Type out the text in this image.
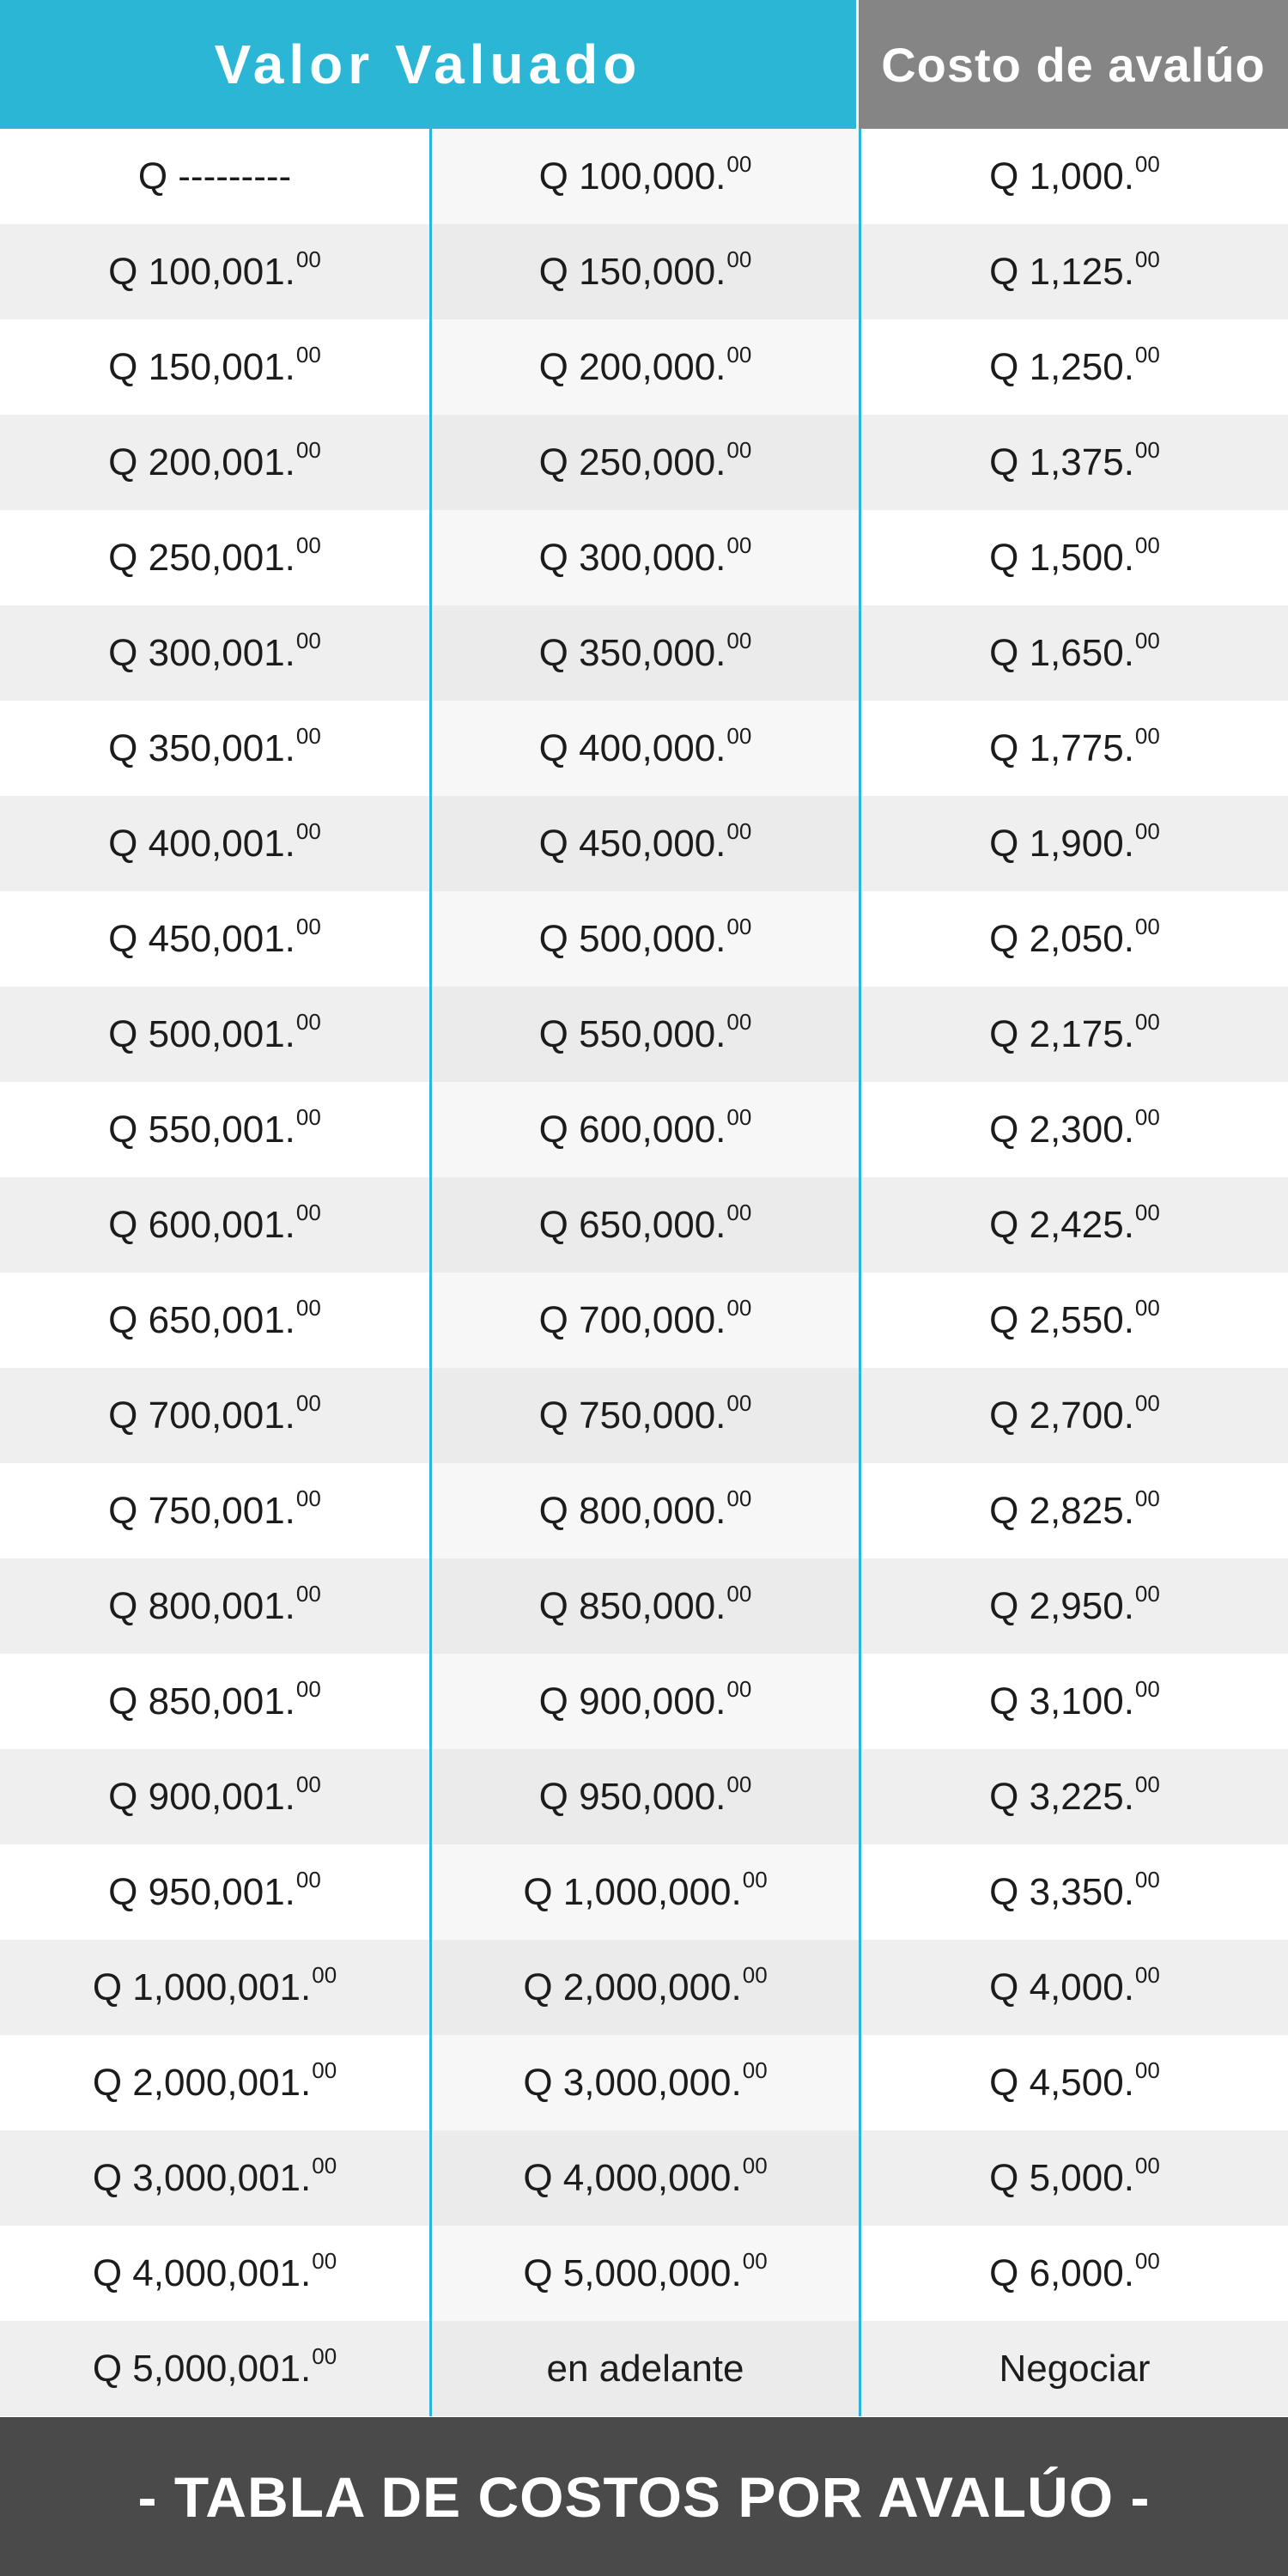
Valor Valuado	Costo de avalúo
Q ---------	Q 100,000. 00	Q 1,000. 00
Q 100,001. 00	Q 150,000. 00	Q 1,125. 00
Q 150,001. 00	Q 200,000. 00	Q 1,250. 00
Q 200,001. 00	Q 250,000. 00	Q 1,375. 00
Q 250,001. 00	Q 300,000. 00	Q 1,500. 00
Q 300,001. 00	Q 350,000. 00	Q 1,650. 00
Q 350,001. 00	Q 400,000. 00	Q 1,775. 00
Q 400,001. 00	Q 450,000. 00	Q 1,900. 00
Q 450,001. 00	Q 500,000. 00	Q 2,050. 00
Q 500,001. 00	Q 550,000. 00	Q 2,175. 00
Q 550,001. 00	Q 600,000. 00	Q 2,300. 00
Q 600,001. 00	Q 650,000. 00	Q 2,425. 00
Q 650,001. 00	Q 700,000. 00	Q 2,550. 00
Q 700,001. 00	Q 750,000. 00	Q 2,700. 00
Q 750,001. 00	Q 800,000. 00	Q 2,825. 00
Q 800,001. 00	Q 850,000. 00	Q 2,950. 00
Q 850,001. 00	Q 900,000. 00	Q 3,100. 00
Q 900,001. 00	Q 950,000. 00	Q 3,225. 00
Q 950,001. 00	Q 1,000,000. 00	Q 3,350. 00
Q 1,000,001. 00	Q 2,000,000. 00	Q 4,000. 00
Q 2,000,001. 00	Q 3,000,000. 00	Q 4,500. 00
Q 3,000,001. 00	Q 4,000,000. 00	Q 5,000. 00
Q 4,000,001. 00	Q 5,000,000. 00	Q 6,000. 00
Q 5,000,001. 00	en adelante	Negociar
- TABLA DE COSTOS POR AVALÚO -
